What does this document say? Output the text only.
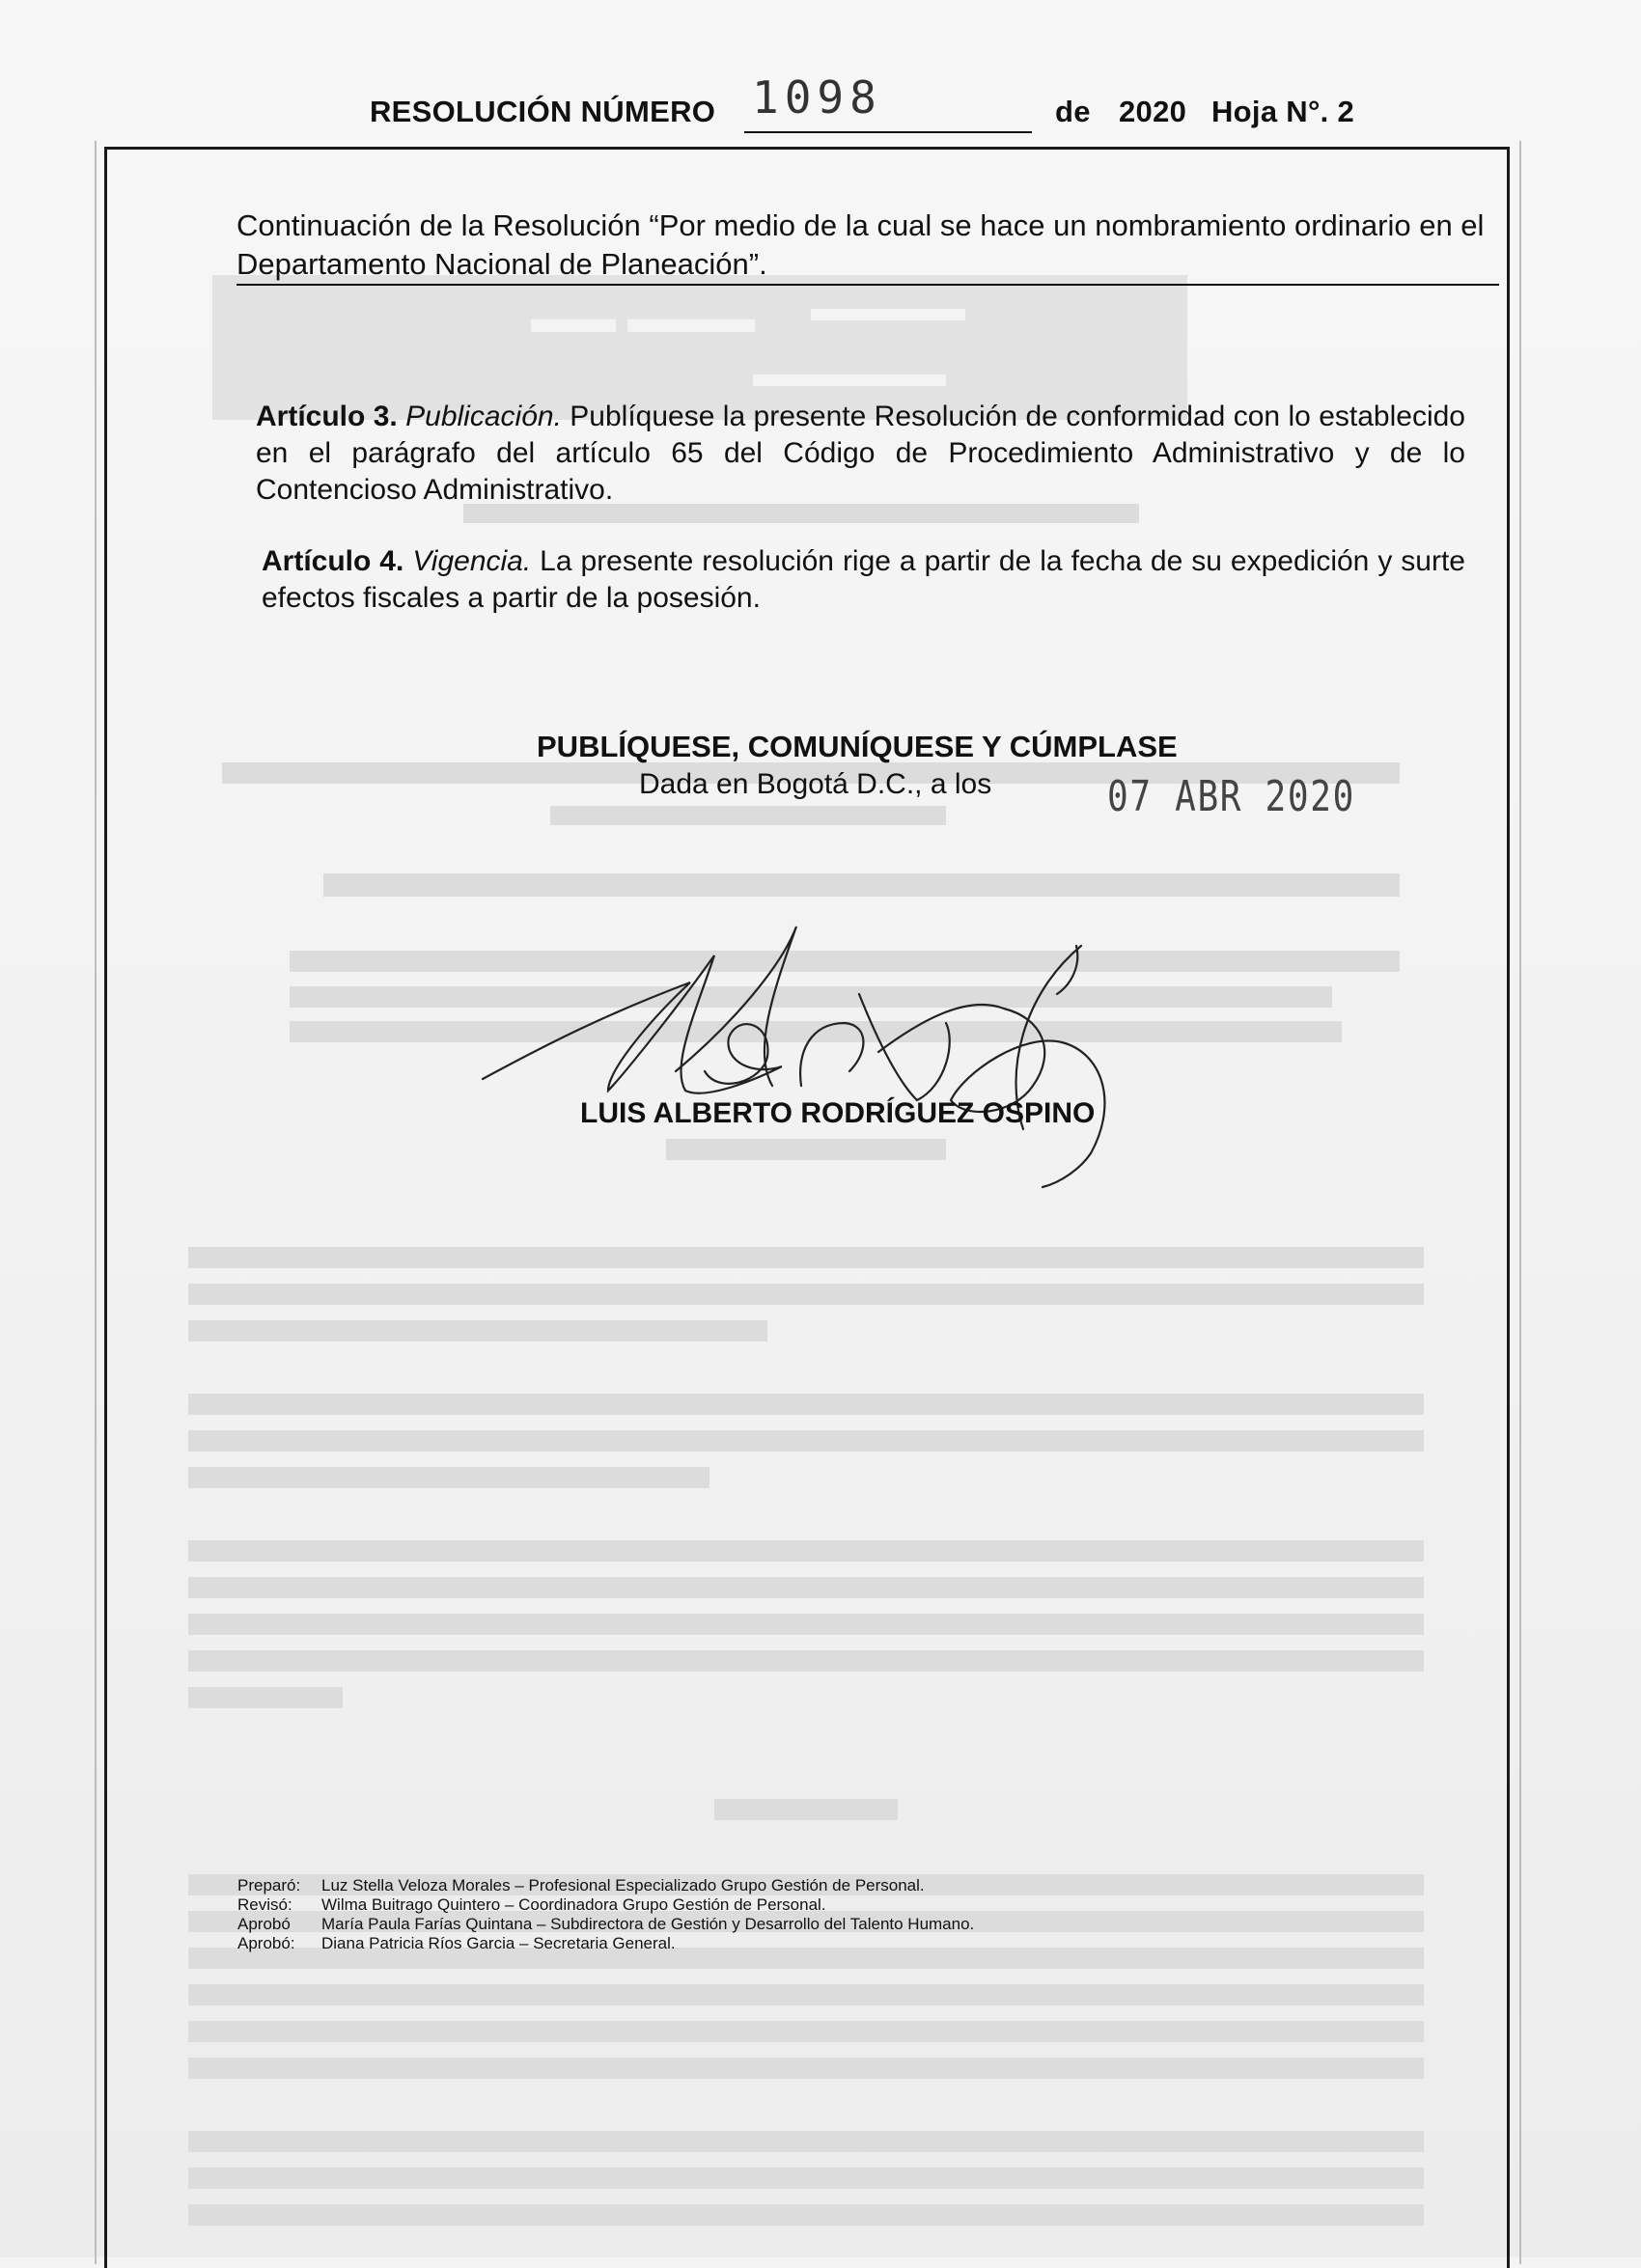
▬▬▬ ▬▬ ▬▬▬▬
▬▬▬▬▬
RESOLUCIÓN NÚMERO 1098	de 2020 Hoja N°. 2
Continuación de la Resolución “Por medio de la cual se hace un nombramiento ordinario en el Departamento Nacional de Planeación”.
Artículo 3. Publicación. Publíquese la presente Resolución de conformidad con lo establecido en el parágrafo del artículo 65 del Código de Procedimiento Administrativo y de lo Contencioso Administrativo.
Artículo 4. Vigencia. La presente resolución rige a partir de la fecha de su expedición y surte efectos fiscales a partir de la posesión.
PUBLÍQUESE, COMUNÍQUESE Y CÚMPLASE
Dada en Bogotá D.C., a los	07 ABR 2020
LUIS ALBERTO RODRÍGUEZ OSPINO
Preparó: Luz Stella Veloza Morales – Profesional Especializado Grupo Gestión de Personal.
Revisó: Wilma Buitrago Quintero – Coordinadora Grupo Gestión de Personal.
Aprobó María Paula Farías Quintana – Subdirectora de Gestión y Desarrollo del Talento Humano.
Aprobó: Diana Patricia Ríos Garcia – Secretaria General.
